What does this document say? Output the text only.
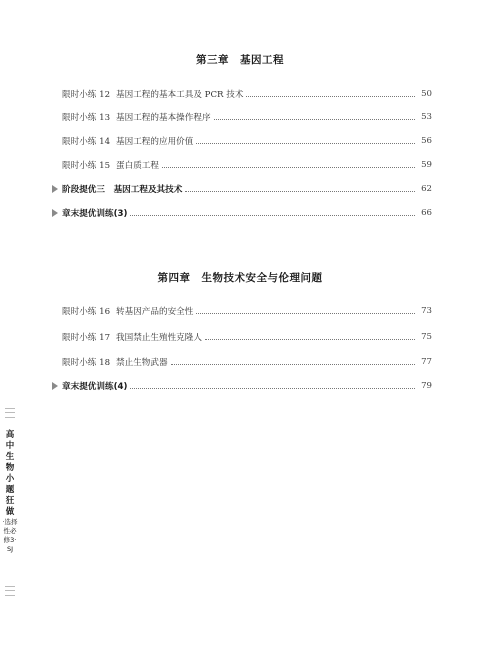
第三章　基因工程
限时小练 12 基因工程的基本工具及 PCR 技术	50
限时小练 13 基因工程的基本操作程序	53
限时小练 14 基因工程的应用价值	56
限时小练 15 蛋白质工程	59
阶段提优三　基因工程及其技术	62
章末提优训练(3)	66
第四章　生物技术安全与伦理问题
限时小练 16 转基因产品的安全性	73
限时小练 17 我国禁止生殖性克隆人	75
限时小练 18 禁止生物武器	77
章末提优训练(4)	79
高中生物 小题狂做
·选择性必修3·SJ
